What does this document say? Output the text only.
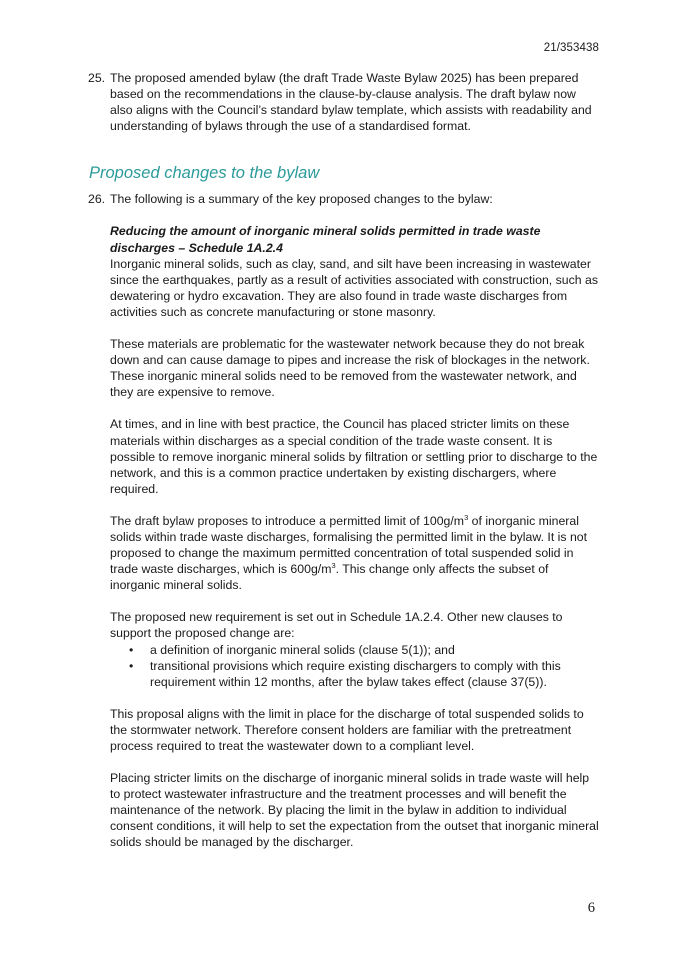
21/353438
25. The proposed amended bylaw (the draft Trade Waste Bylaw 2025) has been prepared based on the recommendations in the clause-by-clause analysis. The draft bylaw now also aligns with the Council’s standard bylaw template, which assists with readability and understanding of bylaws through the use of a standardised format.

Proposed changes to the bylaw
26. The following is a summary of the key proposed changes to the bylaw:

Reducing the amount of inorganic mineral solids permitted in trade waste discharges – Schedule 1A.2.4

Inorganic mineral solids, such as clay, sand, and silt have been increasing in wastewater since the earthquakes, partly as a result of activities associated with construction, such as dewatering or hydro excavation. They are also found in trade waste discharges from activities such as concrete manufacturing or stone masonry.

These materials are problematic for the wastewater network because they do not break down and can cause damage to pipes and increase the risk of blockages in the network. These inorganic mineral solids need to be removed from the wastewater network, and they are expensive to remove.

At times, and in line with best practice, the Council has placed stricter limits on these materials within discharges as a special condition of the trade waste consent. It is possible to remove inorganic mineral solids by filtration or settling prior to discharge to the network, and this is a common practice undertaken by existing dischargers, where required.

The draft bylaw proposes to introduce a permitted limit of $100g/m^3$ of inorganic mineral solids within trade waste discharges, formalising the permitted limit in the bylaw. It is not proposed to change the maximum permitted concentration of total suspended solid in trade waste discharges, which is $600g/m^3$. This change only affects the subset of inorganic mineral solids.

The proposed new requirement is set out in Schedule 1A.2.4. Other new clauses to support the proposed change are:

• a definition of inorganic mineral solids (clause 5(1)); and
• transitional provisions which require existing dischargers to comply with this requirement within 12 months, after the bylaw takes effect (clause 37(5)).

This proposal aligns with the limit in place for the discharge of total suspended solids to the stormwater network. Therefore consent holders are familiar with the pretreatment process required to treat the wastewater down to a compliant level.

Placing stricter limits on the discharge of inorganic mineral solids in trade waste will help to protect wastewater infrastructure and the treatment processes and will benefit the maintenance of the network. By placing the limit in the bylaw in addition to individual consent conditions, it will help to set the expectation from the outset that inorganic mineral solids should be managed by the discharger.

6
